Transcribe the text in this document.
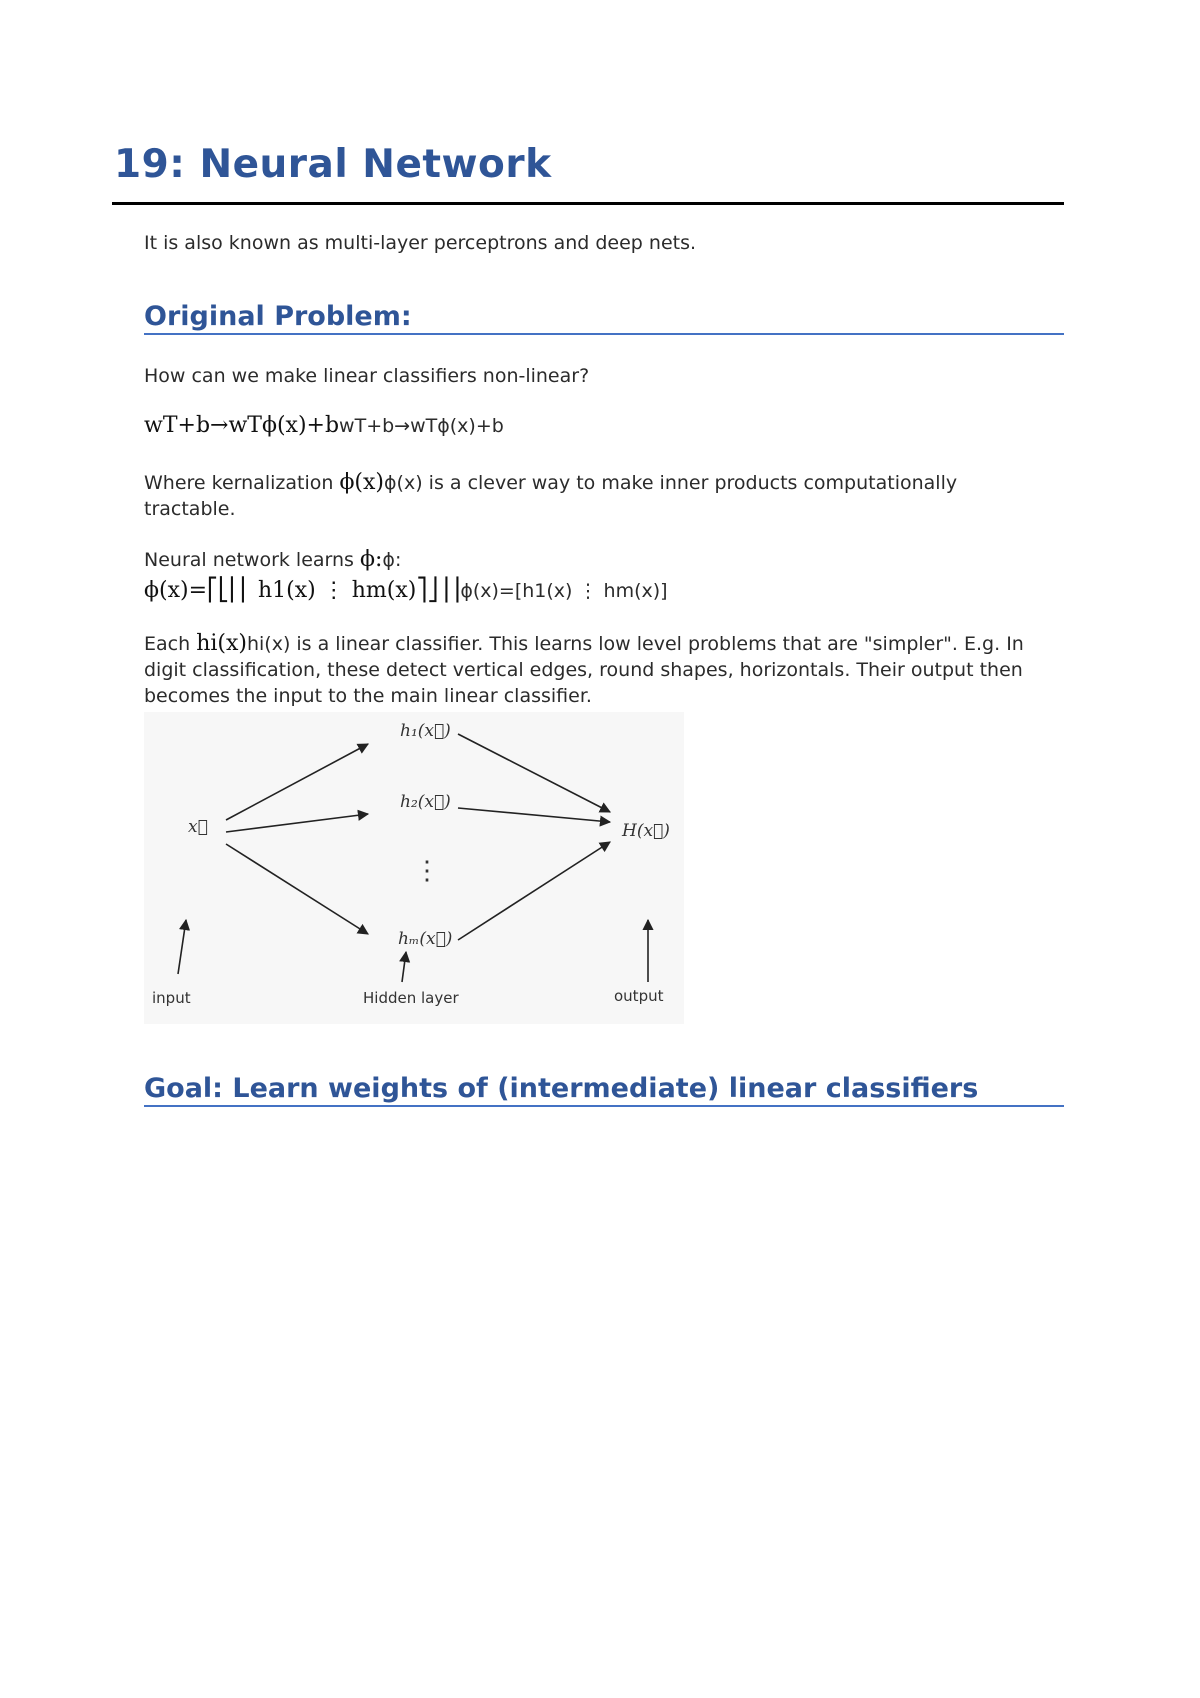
19: Neural Network

It is also known as multi-layer perceptrons and deep nets.

Original Problem:

How can we make linear classifiers non-linear?

wT+b→wTϕ(x)+bwT+b→wTϕ(x)+b

Where kernalization ϕ(x)ϕ(x) is a clever way to make inner products computationally tractable.

Neural network learns ϕ:ϕ:

ϕ(x)=⎡⎣⎢⎢ h1(x) ⋮ hm(x)⎤⎦⎥⎥ϕ(x)=[h1(x) ⋮ hm(x)]

Each hi(x)hi(x) is a linear classifier. This learns low level problems that are "simpler". E.g. In digit classification, these detect vertical edges, round shapes, horizontals. Their output then becomes the input to the main linear classifier.

x⃗
h₁(x⃗)
h₂(x⃗)
⋮
hₘ(x⃗)
H(x⃗)
input	Hidden layer	output
Goal: Learn weights of (intermediate) linear classifiers
